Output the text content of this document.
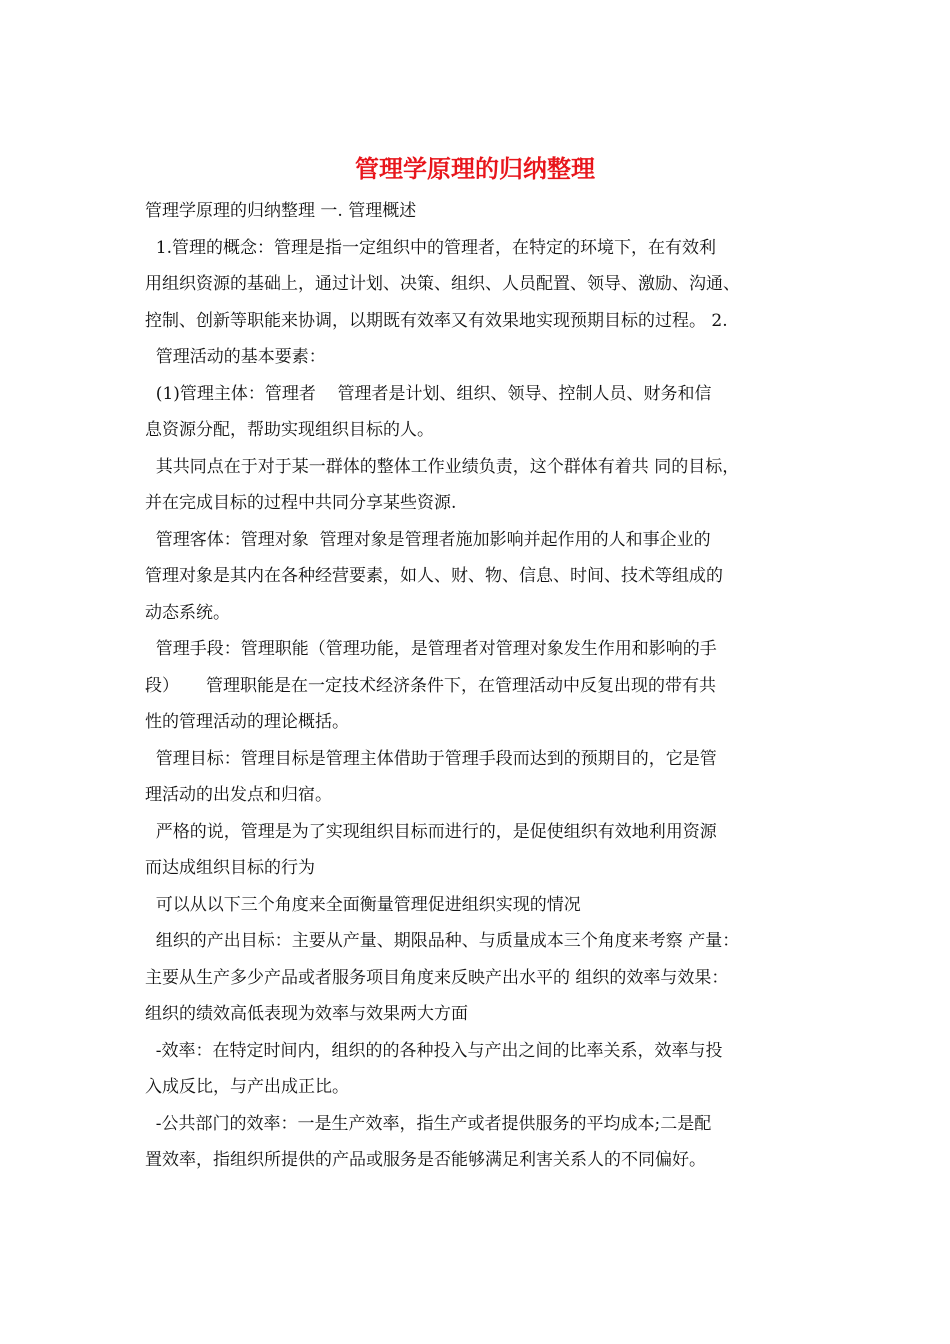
管理学原理的归纳整理

管理学原理的归纳整理 一. 管理概述

1.管理的概念：管理是指一定组织中的管理者，在特定的环境下，在有效利

用组织资源的基础上，通过计划、决策、组织、人员配置、领导、激励、沟通、

控制、创新等职能来协调，以期既有效率又有效果地实现预期目标的过程。 2.

管理活动的基本要素：

(1)管理主体：管理者    管理者是计划、组织、领导、控制人员、财务和信

息资源分配，帮助实现组织目标的人。

其共同点在于对于某一群体的整体工作业绩负责，这个群体有着共 同的目标，

并在完成目标的过程中共同分享某些资源.

管理客体：管理对象  管理对象是管理者施加影响并起作用的人和事企业的

管理对象是其内在各种经营要素，如人、财、物、信息、时间、技术等组成的

动态系统。

管理手段：管理职能（管理功能，是管理者对管理对象发生作用和影响的手

段）     管理职能是在一定技术经济条件下，在管理活动中反复出现的带有共

性的管理活动的理论概括。

管理目标：管理目标是管理主体借助于管理手段而达到的预期目的，它是管

理活动的出发点和归宿。

严格的说，管理是为了实现组织目标而进行的，是促使组织有效地利用资源

而达成组织目标的行为

可以从以下三个角度来全面衡量管理促进组织实现的情况

组织的产出目标：主要从产量、期限品种、与质量成本三个角度来考察 产量：

主要从生产多少产品或者服务项目角度来反映产出水平的 组织的效率与效果：

组织的绩效高低表现为效率与效果两大方面

-效率：在特定时间内，组织的的各种投入与产出之间的比率关系，效率与投

入成反比，与产出成正比。

-公共部门的效率：一是生产效率，指生产或者提供服务的平均成本;二是配

置效率，指组织所提供的产品或服务是否能够满足利害关系人的不同偏好。
